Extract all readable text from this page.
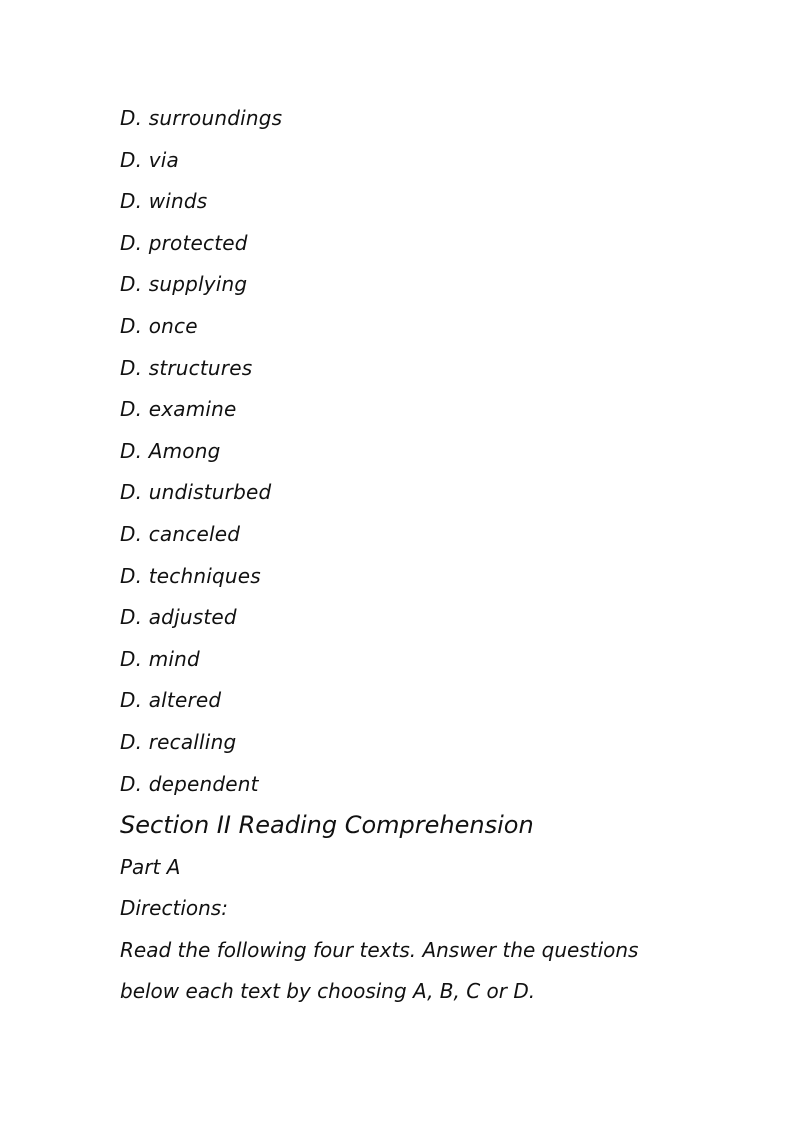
D. surroundings
D. via
D. winds
D. protected
D. supplying
D. once
D. structures
D. examine
D. Among
D. undisturbed
D. canceled
D. techniques
D. adjusted
D. mind
D. altered
D. recalling
D. dependent
Section II Reading Comprehension
Part A
Directions:
Read the following four texts. Answer the questions
below each text by choosing A, B, C or D.
